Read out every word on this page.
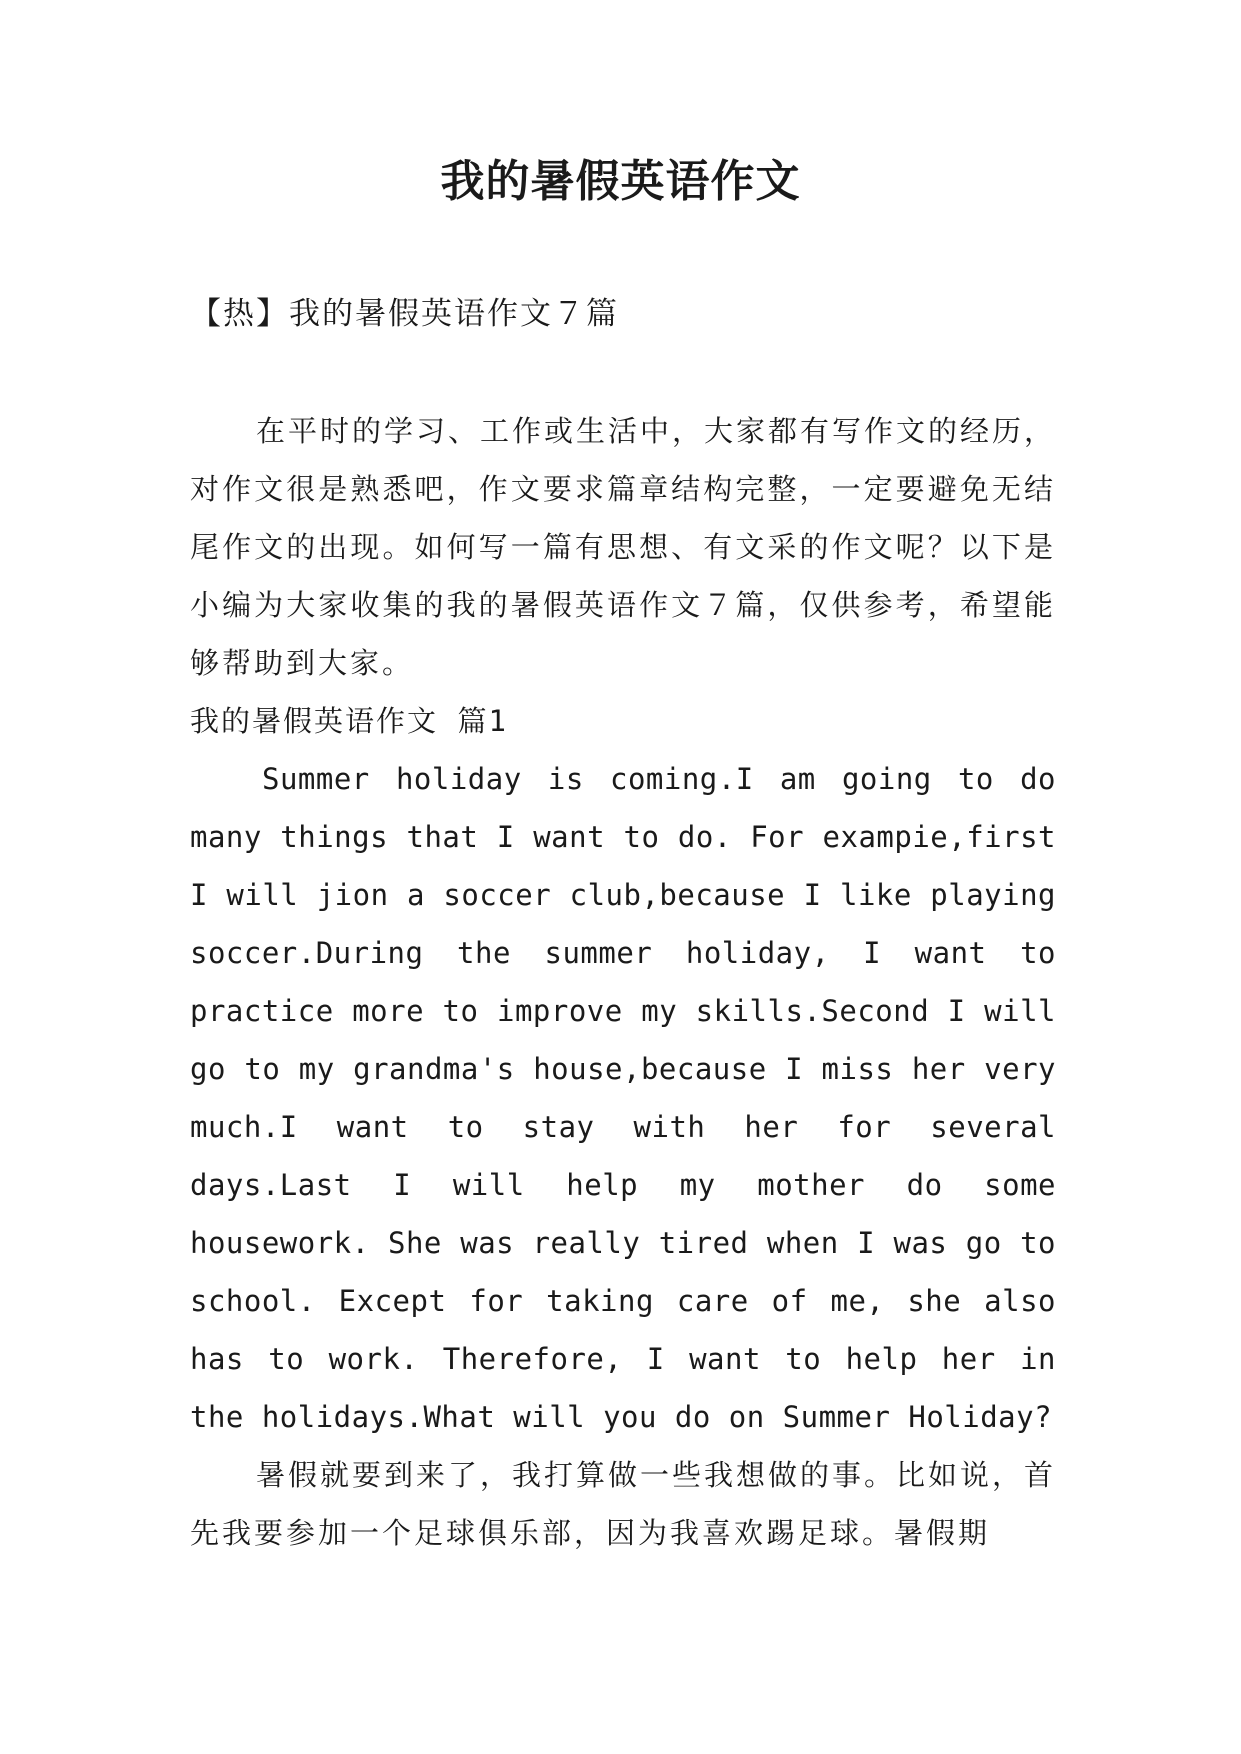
我的暑假英语作文
【热】我的暑假英语作文７篇

在平时的学习、工作或生活中，大家都有写作文的经历，对作文很是熟悉吧，作文要求篇章结构完整，一定要避免无结尾作文的出现。如何写一篇有思想、有文采的作文呢？以下是小编为大家收集的我的暑假英语作文７篇，仅供参考，希望能够帮助到大家。

我的暑假英语作文 篇1

Summer holiday is coming.I am going to do many things that I want to do. For exampie,first I will jion a soccer club,because I like playing soccer.During the summer holiday, I want to practice more to improve my skills.Second I will go to my grandma's house,because I miss her very much.I want to stay with her for several days.Last I will help my mother do some housework. She was really tired when I was go to school. Except for taking care of me, she also has to work. Therefore, I want to help her in the holidays.What will you do on Summer Holiday?

暑假就要到来了，我打算做一些我想做的事。比如说，首先我要参加一个足球俱乐部，因为我喜欢踢足球。暑假期
